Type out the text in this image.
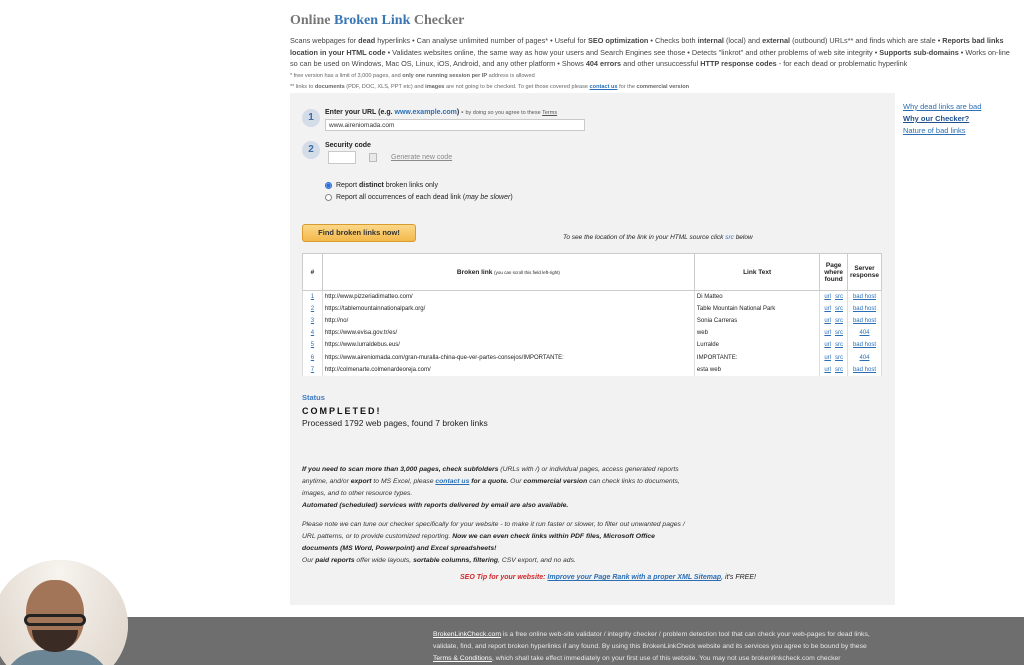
Online Broken Link Checker
Scans webpages for dead hyperlinks • Can analyse unlimited number of pages* • Useful for SEO optimization • Checks both internal (local) and external (outbound) URLs** and finds which are stale • Reports bad links location in your HTML code • Validates websites online, the same way as how your users and Search Engines see those • Detects "linkrot" and other problems of web site integrity • Supports sub-domains • Works on-line so can be used on Windows, Mac OS, Linux, iOS, Android, and any other platform • Shows 404 errors and other unsuccessful HTTP response codes - for each dead or problematic hyperlink
* free version has a limit of 3,000 pages, and only one running session per IP address is allowed
** links to documents (PDF, DOC, XLS, PPT etc) and images are not going to be checked. To get those covered please contact us for the commercial version
1	Enter your URL (e.g. www.example.com) - by doing so you agree to these Terms
www.aireniomada.com
2	Security code
Generate new code
Report distinct broken links only
Report all occurrences of each dead link (may be slower)
Find broken links now!
To see the location of the link in your HTML source click src below
#	Broken link (you can scroll this field left-right)	Link Text	Page where found	Server response
1	http://www.pizzeriadimatteo.com/	Di Matteo	url src	bad host
2	https://tablemountainnationalpark.org/	Table Mountain National Park	url src	bad host
3	http://no/	Sonia Carreras	url src	bad host
4	https://www.evisa.gov.tr/es/	web	url src	404
5	https://www.lurraldebus.eus/	Lurralde	url src	bad host
6	https://www.aireniomada.com/gran-muralla-china-que-ver-partes-consejos/IMPORTANTE:	IMPORTANTE:	url src	404
7	http://colmenarte.colmenardeoreja.com/	esta web	url src	bad host
Status
COMPLETED!
Processed 1792 web pages, found 7 broken links
If you need to scan more than 3,000 pages, check subfolders (URLs with /) or individual pages, access generated reports anytime, and/or export to MS Excel, please contact us for a quote. Our commercial version can check links to documents, images, and to other resource types.
Automated (scheduled) services with reports delivered by email are also available.
Please note we can tune our checker specifically for your website - to make it run faster or slower, to filter out unwanted pages / URL patterns, or to provide customized reporting. Now we can even check links within PDF files, Microsoft Office documents (MS Word, Powerpoint) and Excel spreadsheets!
Our paid reports offer wide layouts, sortable columns, filtering, CSV export, and no ads.
SEO Tip for your website: Improve your Page Rank with a proper XML Sitemap, it's FREE!
Why dead links are bad
Why our Checker?
Nature of bad links
BrokenLinkCheck.com is a free online web-site validator / integrity checker / problem detection tool that can check your web-pages for dead links, validate, find, and report broken hyperlinks if any found. By using this BrokenLinkCheck website and its services you agree to be bound by these Terms & Conditions, which shall take effect immediately on your first use of this website. You may not use brokenlinkcheck.com checker
